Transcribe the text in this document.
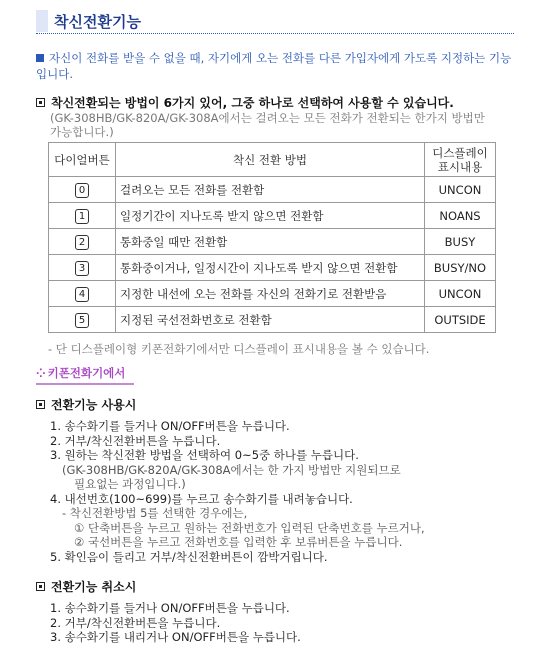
착신전환기능
자신이 전화를 받을 수 없을 때, 자기에게 오는 전화를 다른 가입자에게 가도록 지정하는 기능입니다.
착신전환되는 방법이 6가지 있어, 그중 하나로 선택하여 사용할 수 있습니다.
(GK-308HB/GK-820A/GK-308A에서는 걸려오는 모든 전화가 전환되는 한가지 방법만 가능합니다.)
다이얼버튼	착신 전환 방법	디스플레이
표시내용
0	걸려오는 모든 전화를 전환함	UNCON
1	일정기간이 지나도록 받지 않으면 전환함	NOANS
2	통화중일 때만 전환함	BUSY
3	통화중이거나, 일정시간이 지나도록 받지 않으면 전환함	BUSY/NO
4	지정한 내선에 오는 전화를 자신의 전화기로 전환받음	UNCON
5	지정된 국선전화번호로 전환함	OUTSIDE
- 단 디스플레이형 키폰전화기에서만 디스플레이 표시내용을 볼 수 있습니다.
⁘ 키폰전화기에서
전환기능 사용시
1. 송수화기를 들거나 ON/OFF버튼을 누릅니다.
2. 거부/착신전환버튼을 누릅니다.
3. 원하는 착신전환 방법을 선택하여 0~5중 하나를 누릅니다.
(GK-308HB/GK-820A/GK-308A에서는 한 가지 방법만 지원되므로
필요없는 과정입니다.)
4. 내선번호(100~699)를 누르고 송수화기를 내려놓습니다.
- 착신전환방법 5를 선택한 경우에는,
① 단축버튼을 누르고 원하는 전화번호가 입력된 단축번호를 누르거나,
② 국선버튼을 누르고 전화번호를 입력한 후 보류버튼을 누릅니다.
5. 확인음이 들리고 거부/착신전환버튼이 깜박거립니다.
전환기능 취소시
1. 송수화기를 들거나 ON/OFF버튼을 누릅니다.
2. 거부/착신전환버튼을 누릅니다.
3. 송수화기를 내리거나 ON/OFF버튼을 누릅니다.
